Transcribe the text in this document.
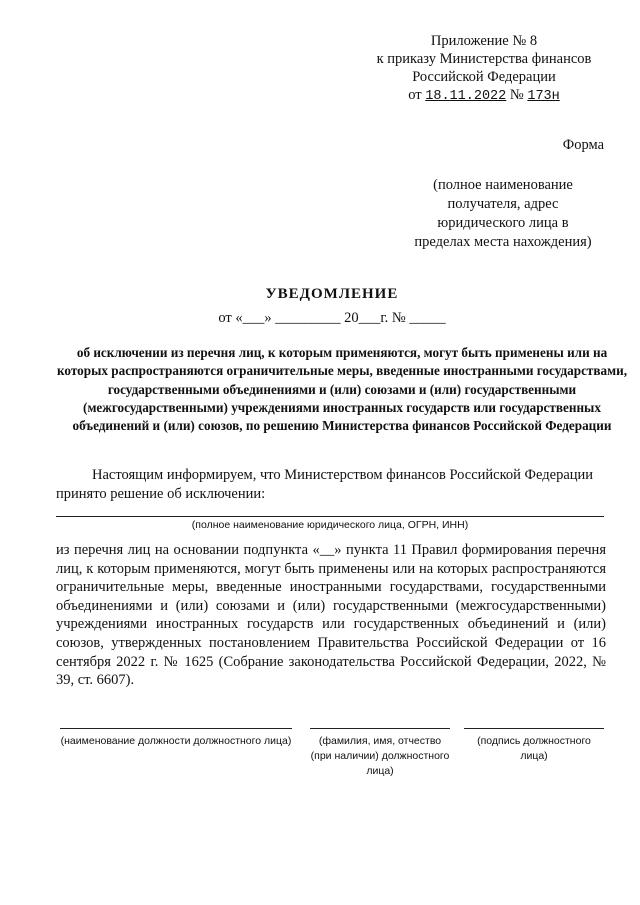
Приложение № 8
к приказу Министерства финансов
Российской Федерации
от 18.11.2022 № 173н
Форма
(полное наименование получателя, адрес юридического лица в пределах места нахождения)
УВЕДОМЛЕНИЕ
от «___» _________ 20___г. № _____
об исключении из перечня лиц, к которым применяются, могут быть применены или на которых распространяются ограничительные меры, введенные иностранными государствами, государственными объединениями и (или) союзами и (или) государственными (межгосударственными) учреждениями иностранных государств или государственных объединений и (или) союзов, по решению Министерства финансов Российской Федерации
Настоящим информируем, что Министерством финансов Российской Федерации принято решение об исключении:
(полное наименование юридического лица, ОГРН, ИНН)
из перечня лиц на основании подпункта «__» пункта 11 Правил формирования перечня лиц, к которым применяются, могут быть применены или на которых распространяются ограничительные меры, введенные иностранными государствами, государственными объединениями и (или) союзами и (или) государственными (межгосударственными) учреждениями иностранных государств или государственных объединений и (или) союзов, утвержденных постановлением Правительства Российской Федерации от 16 сентября 2022 г. № 1625 (Собрание законодательства Российской Федерации, 2022, № 39, ст. 6607).
(наименование должности должностного лица)	(фамилия, имя, отчество (при наличии) должностного лица)
(подпись должностного лица)
